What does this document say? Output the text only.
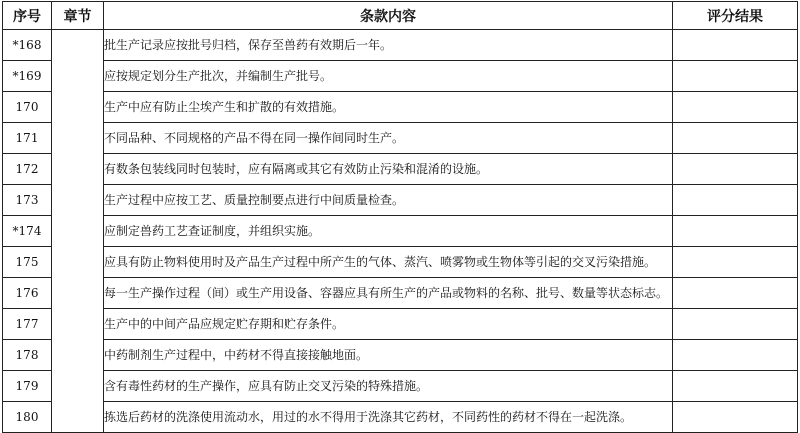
序号	章节	条款内容	评分结果
*168		批生产记录应按批号归档，保存至兽药有效期后一年。	
*169		应按规定划分生产批次，并编制生产批号。	
170		生产中应有防止尘埃产生和扩散的有效措施。	
171		不同品种、不同规格的产品不得在同一操作间同时生产。	
172		有数条包装线同时包装时，应有隔离或其它有效防止污染和混淆的设施。	
173		生产过程中应按工艺、质量控制要点进行中间质量检查。	
*174		应制定兽药工艺查证制度，并组织实施。	
175		应具有防止物料使用时及产品生产过程中所产生的气体、蒸汽、喷雾物或生物体等引起的交叉污染措施。	
176		每一生产操作过程（间）或生产用设备、容器应具有所生产的产品或物料的名称、批号、数量等状态标志。	
177		生产中的中间产品应规定贮存期和贮存条件。	
178		中药制剂生产过程中，中药材不得直接接触地面。	
179		含有毒性药材的生产操作，应具有防止交叉污染的特殊措施。	
180		拣选后药材的洗涤使用流动水，用过的水不得用于洗涤其它药材，不同药性的药材不得在一起洗涤。	
